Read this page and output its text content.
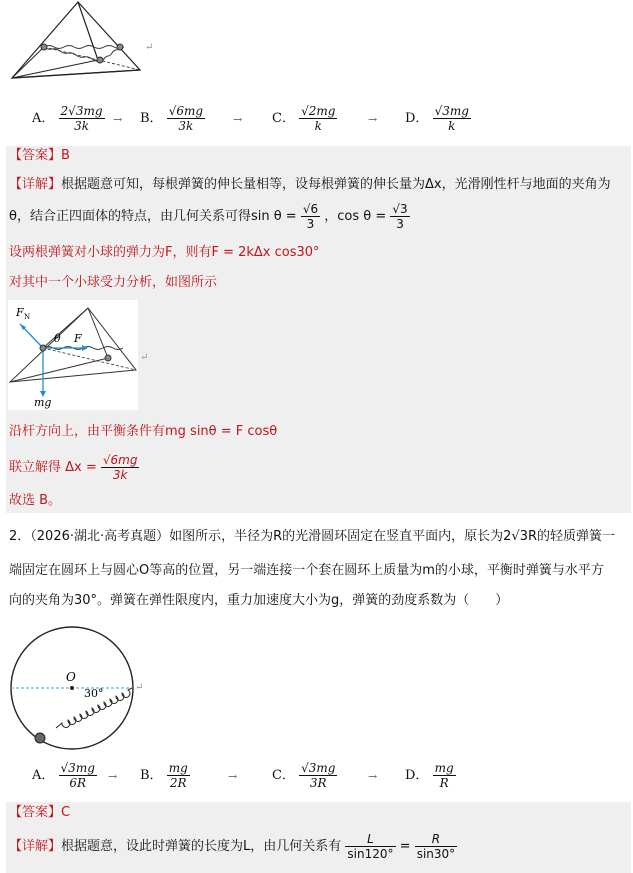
↵
A． $\frac{2√3mg}{3k} \to B$． $\frac{√6mg}{3k}$	→ C． $\frac{√2mg}{k}$	→ D． $\frac{√3mg}{k}$
【答案】B
【详解】根据题意可知，每根弹簧的伸长量相等，设每根弹簧的伸长量为Δx，光滑刚性杆与地面的夹角为
θ，结合正四面体的特点，由几何关系可得$\sin \theta = \frac{√6}{3}$ ，$\cos \theta = \frac{√3}{3}$
设两根弹簧对小球的弹力为F，则有F = 2kΔx cos30°
对其中一个小球受力分析，如图所示
F N
θ F
mg
↵
沿杆方向上，由平衡条件有mg sinθ = F cosθ
联立解得 $\Delta x = \frac{√6mg}{3k}$
故选 B。
2．（2026·湖北·高考真题）如图所示，半径为R的光滑圆环固定在竖直平面内，原长为2√3R的轻质弹簧一
端固定在圆环上与圆心O等高的位置，另一端连接一个套在圆环上质量为m的小球，平衡时弹簧与水平方
向的夹角为30°。弹簧在弹性限度内，重力加速度大小为g，弹簧的劲度系数为（　　）
O
30°	↵
A． $\frac{√3mg}{6R} \to B$． $\frac{mg}{2R}$	→	C． $\frac{√3mg}{3R}$	→ D． $\frac{mg}{R}$
【答案】C
【详解】根据题意，设此时弹簧的长度为L，由几何关系有 $\frac{L}{\sin 120^\circ} = \frac{R}{\sin 30^\circ}$
